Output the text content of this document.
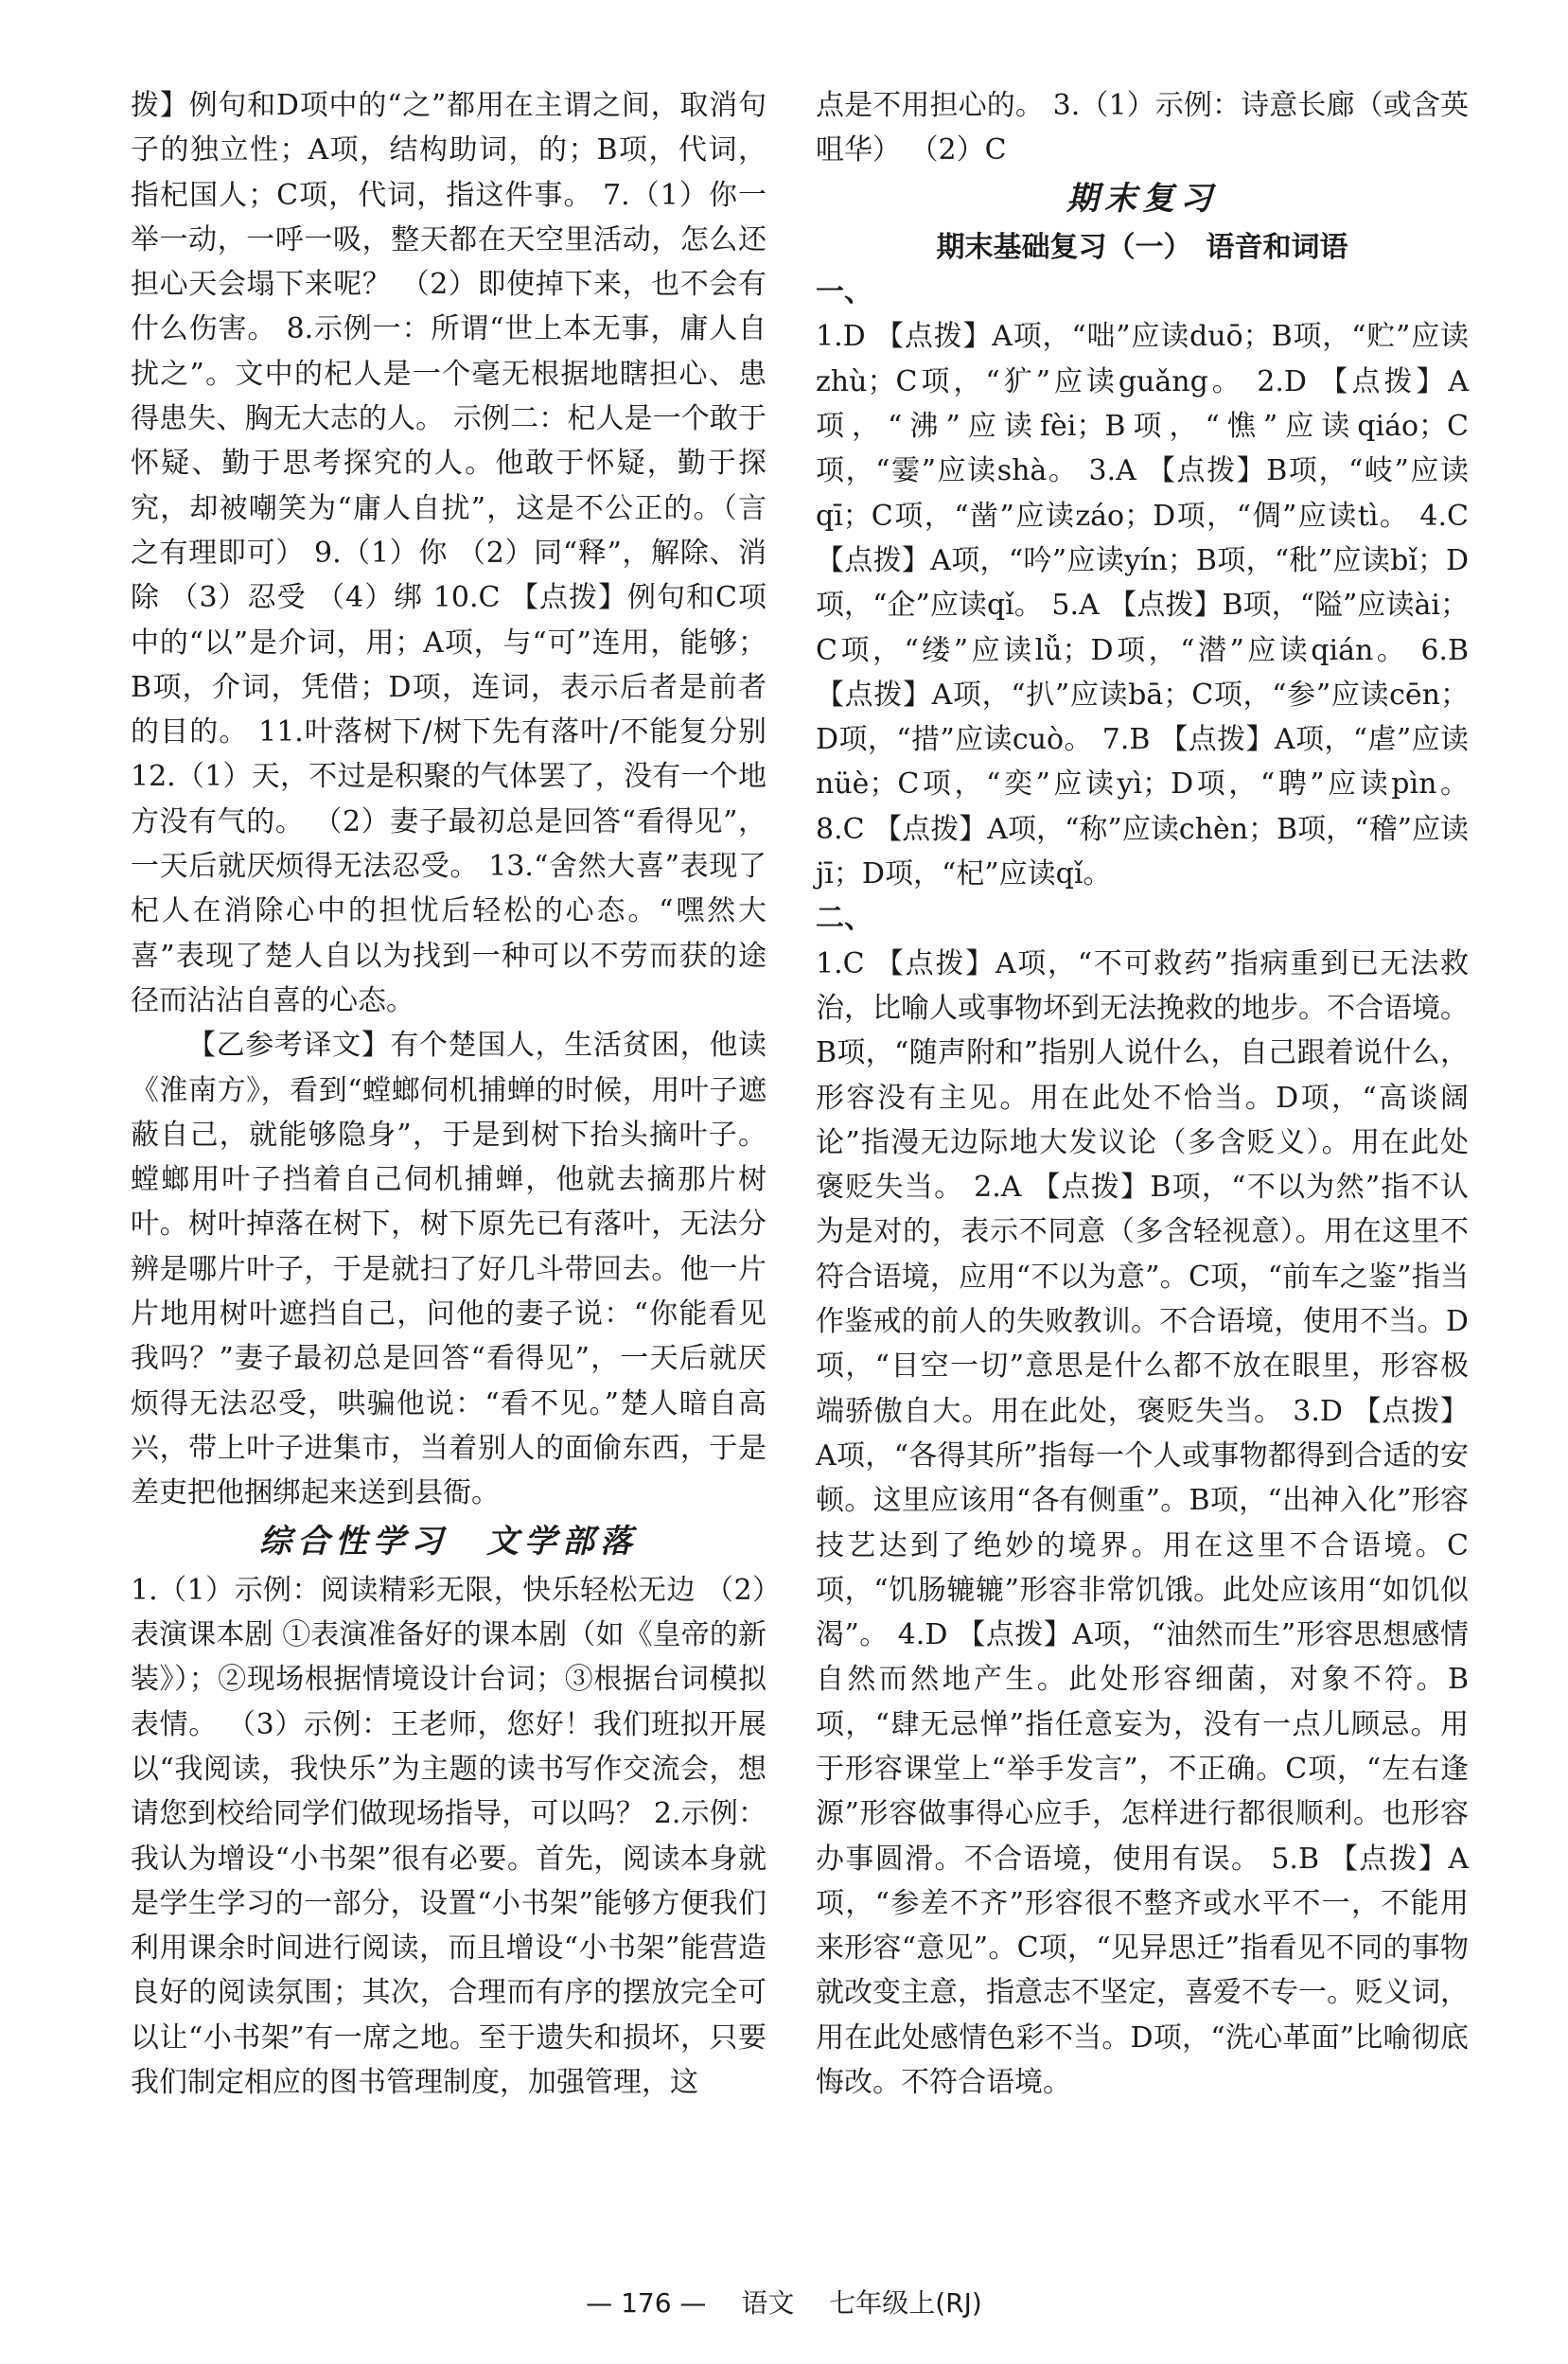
拨】例句和D项中的“之”都用在主谓之间，取消句子的独立性；A项，结构助词，的；B项，代词，指杞国人；C项，代词，指这件事。 7.（1）你一举一动，一呼一吸，整天都在天空里活动，怎么还担心天会塌下来呢？ （2）即使掉下来，也不会有什么伤害。 8.示例一：所谓“世上本无事，庸人自扰之”。文中的杞人是一个毫无根据地瞎担心、患得患失、胸无大志的人。 示例二：杞人是一个敢于怀疑、勤于思考探究的人。他敢于怀疑，勤于探究，却被嘲笑为“庸人自扰”，这是不公正的。（言之有理即可） 9.（1）你 （2）同“释”，解除、消除 （3）忍受 （4）绑 10.C 【点拨】例句和C项中的“以”是介词，用；A项，与“可”连用，能够；B项，介词，凭借；D项，连词，表示后者是前者的目的。 11.叶落树下/树下先有落叶/不能复分别 12.（1）天，不过是积聚的气体罢了，没有一个地方没有气的。 （2）妻子最初总是回答“看得见”，一天后就厌烦得无法忍受。 13.“舍然大喜”表现了杞人在消除心中的担忧后轻松的心态。“嘿然大喜”表现了楚人自以为找到一种可以不劳而获的途径而沾沾自喜的心态。

【乙参考译文】有个楚国人，生活贫困，他读《淮南方》，看到“螳螂伺机捕蝉的时候，用叶子遮蔽自己，就能够隐身”，于是到树下抬头摘叶子。螳螂用叶子挡着自己伺机捕蝉，他就去摘那片树叶。树叶掉落在树下，树下原先已有落叶，无法分辨是哪片叶子，于是就扫了好几斗带回去。他一片片地用树叶遮挡自己，问他的妻子说：“你能看见我吗？”妻子最初总是回答“看得见”，一天后就厌烦得无法忍受，哄骗他说：“看不见。”楚人暗自高兴，带上叶子进集市，当着别人的面偷东西，于是差吏把他捆绑起来送到县衙。

综合性学习　文学部落

1.（1）示例：阅读精彩无限，快乐轻松无边 （2）表演课本剧 ①表演准备好的课本剧（如《皇帝的新装》）；②现场根据情境设计台词；③根据台词模拟表情。 （3）示例：王老师，您好！我们班拟开展以“我阅读，我快乐”为主题的读书写作交流会，想请您到校给同学们做现场指导，可以吗？ 2.示例：我认为增设“小书架”很有必要。首先，阅读本身就是学生学习的一部分，设置“小书架”能够方便我们利用课余时间进行阅读，而且增设“小书架”能营造良好的阅读氛围；其次，合理而有序的摆放完全可以让“小书架”有一席之地。至于遗失和损坏，只要我们制定相应的图书管理制度，加强管理，这

点是不用担心的。 3.（1）示例：诗意长廊（或含英咀华） （2）C

期末复习
期末基础复习（一）　语音和词语
一、

1.D 【点拨】A项，“咄”应读duō；B项，“贮”应读zhù；C项，“犷”应读guǎng。 2.D 【点拨】A项，“沸”应读fèi；B项，“憔”应读qiáo；C项，“霎”应读shà。 3.A 【点拨】B项，“岐”应读qī；C项，“凿”应读záo；D项，“倜”应读tì。 4.C 【点拨】A项，“吟”应读yín；B项，“秕”应读bǐ；D项，“企”应读qǐ。 5.A 【点拨】B项，“隘”应读ài；C项，“缕”应读lǚ；D项，“潜”应读qián。 6.B 【点拨】A项，“扒”应读bā；C项，“参”应读cēn；D项，“措”应读cuò。 7.B 【点拨】A项，“虐”应读nüè；C项，“奕”应读yì；D项，“聘”应读pìn。 8.C 【点拨】A项，“称”应读chèn；B项，“稽”应读jī；D项，“杞”应读qǐ。

二、

1.C 【点拨】A项，“不可救药”指病重到已无法救治，比喻人或事物坏到无法挽救的地步。不合语境。B项，“随声附和”指别人说什么，自己跟着说什么，形容没有主见。用在此处不恰当。D项，“高谈阔论”指漫无边际地大发议论（多含贬义）。用在此处褒贬失当。 2.A 【点拨】B项，“不以为然”指不认为是对的，表示不同意（多含轻视意）。用在这里不符合语境，应用“不以为意”。C项，“前车之鉴”指当作鉴戒的前人的失败教训。不合语境，使用不当。D项，“目空一切”意思是什么都不放在眼里，形容极端骄傲自大。用在此处，褒贬失当。 3.D 【点拨】A项，“各得其所”指每一个人或事物都得到合适的安顿。这里应该用“各有侧重”。B项，“出神入化”形容技艺达到了绝妙的境界。用在这里不合语境。C项，“饥肠辘辘”形容非常饥饿。此处应该用“如饥似渴”。 4.D 【点拨】A项，“油然而生”形容思想感情自然而然地产生。此处形容细菌，对象不符。B项，“肆无忌惮”指任意妄为，没有一点儿顾忌。用于形容课堂上“举手发言”，不正确。C项，“左右逢源”形容做事得心应手，怎样进行都很顺利。也形容办事圆滑。不合语境，使用有误。 5.B 【点拨】A项，“参差不齐”形容很不整齐或水平不一，不能用来形容“意见”。C项，“见异思迁”指看见不同的事物就改变主意，指意志不坚定，喜爱不专一。贬义词，用在此处感情色彩不当。D项，“洗心革面”比喻彻底悔改。不符合语境。

— 176 — 语文 七年级上(RJ)
